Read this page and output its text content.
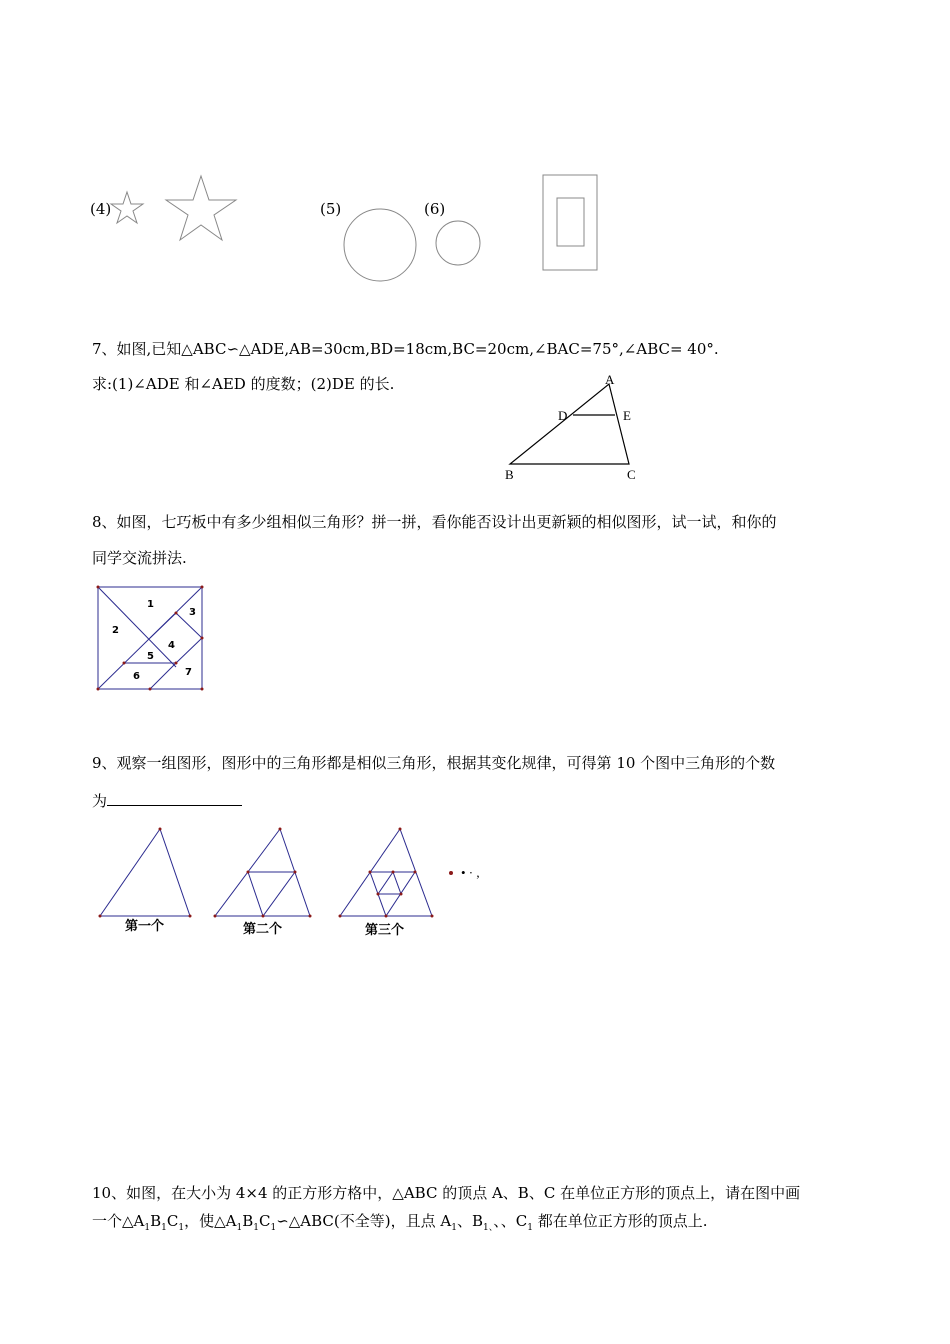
(4)	(5)	(6)
7、如图,已知△ABC∽△ADE,AB=30cm,BD=18cm,BC=20cm,∠BAC=75°,∠ABC= 40°.
求:(1)∠ADE 和∠AED 的度数；(2)DE 的长.	A
D	E
B	C
8、如图，七巧板中有多少组相似三角形？拼一拼，看你能否设计出更新颖的相似图形，试一试，和你的
同学交流拼法.
1
2
3
4
5
6	7
9、观察一组图形，图形中的三角形都是相似三角形，根据其变化规律，可得第 10 个图中三角形的个数
为
第一个	第二个	第三个
• · ,
10、如图，在大小为 4×4 的正方形方格中，△ABC 的顶点 A、B、C 在单位正方形的顶点上，请在图中画
一个$\triangle A_1B_1C_1$，使$\triangle A_1B_1C_1∽\triangle ABC$(不全等)，且点 $A_1$、$B_{1、}$、、$C_1$ 都在单位正方形的顶点上.
